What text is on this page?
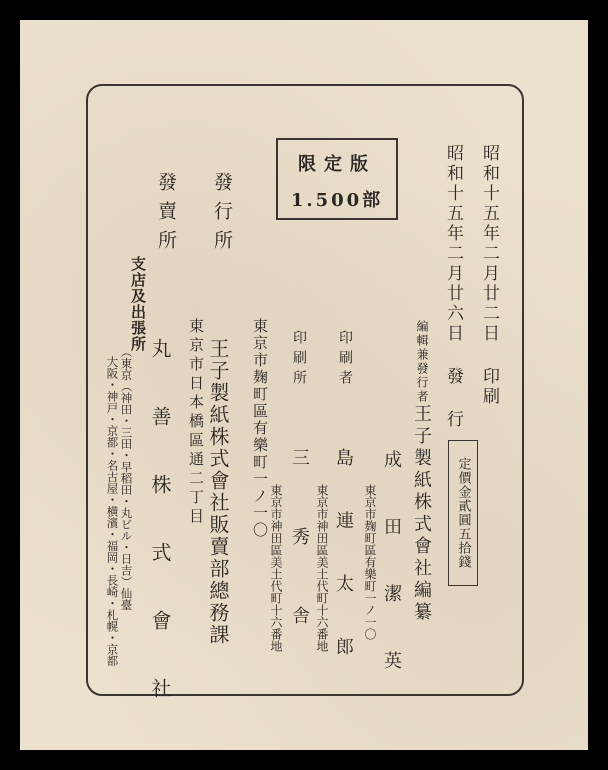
昭和十五年二月廿二日 印刷
昭和十五年二月廿六日 發 行
定價金貳圓五拾錢
編輯兼發行者
王子製紙株式會社編纂
成 田 潔 英
東京市麹町區有樂町一ノ一〇
印刷者
島 連 太 郎
東京市神田區美土代町十六番地
印刷所
三 秀 舎
東京市神田區美土代町十六番地
發行所
東京市麹町區有樂町一ノ一〇
王子製紙株式會社販賣部總務課
發賣所
東京市日本橋區通二丁目
丸 善 株 式 會 社
支店及出張所
（東京（神田・三田・早稻田・丸ビル・日吉）仙臺
大阪・神戸・京都・名古屋・横濱・福岡・長崎・札幌・京都
限定版
1.500部
